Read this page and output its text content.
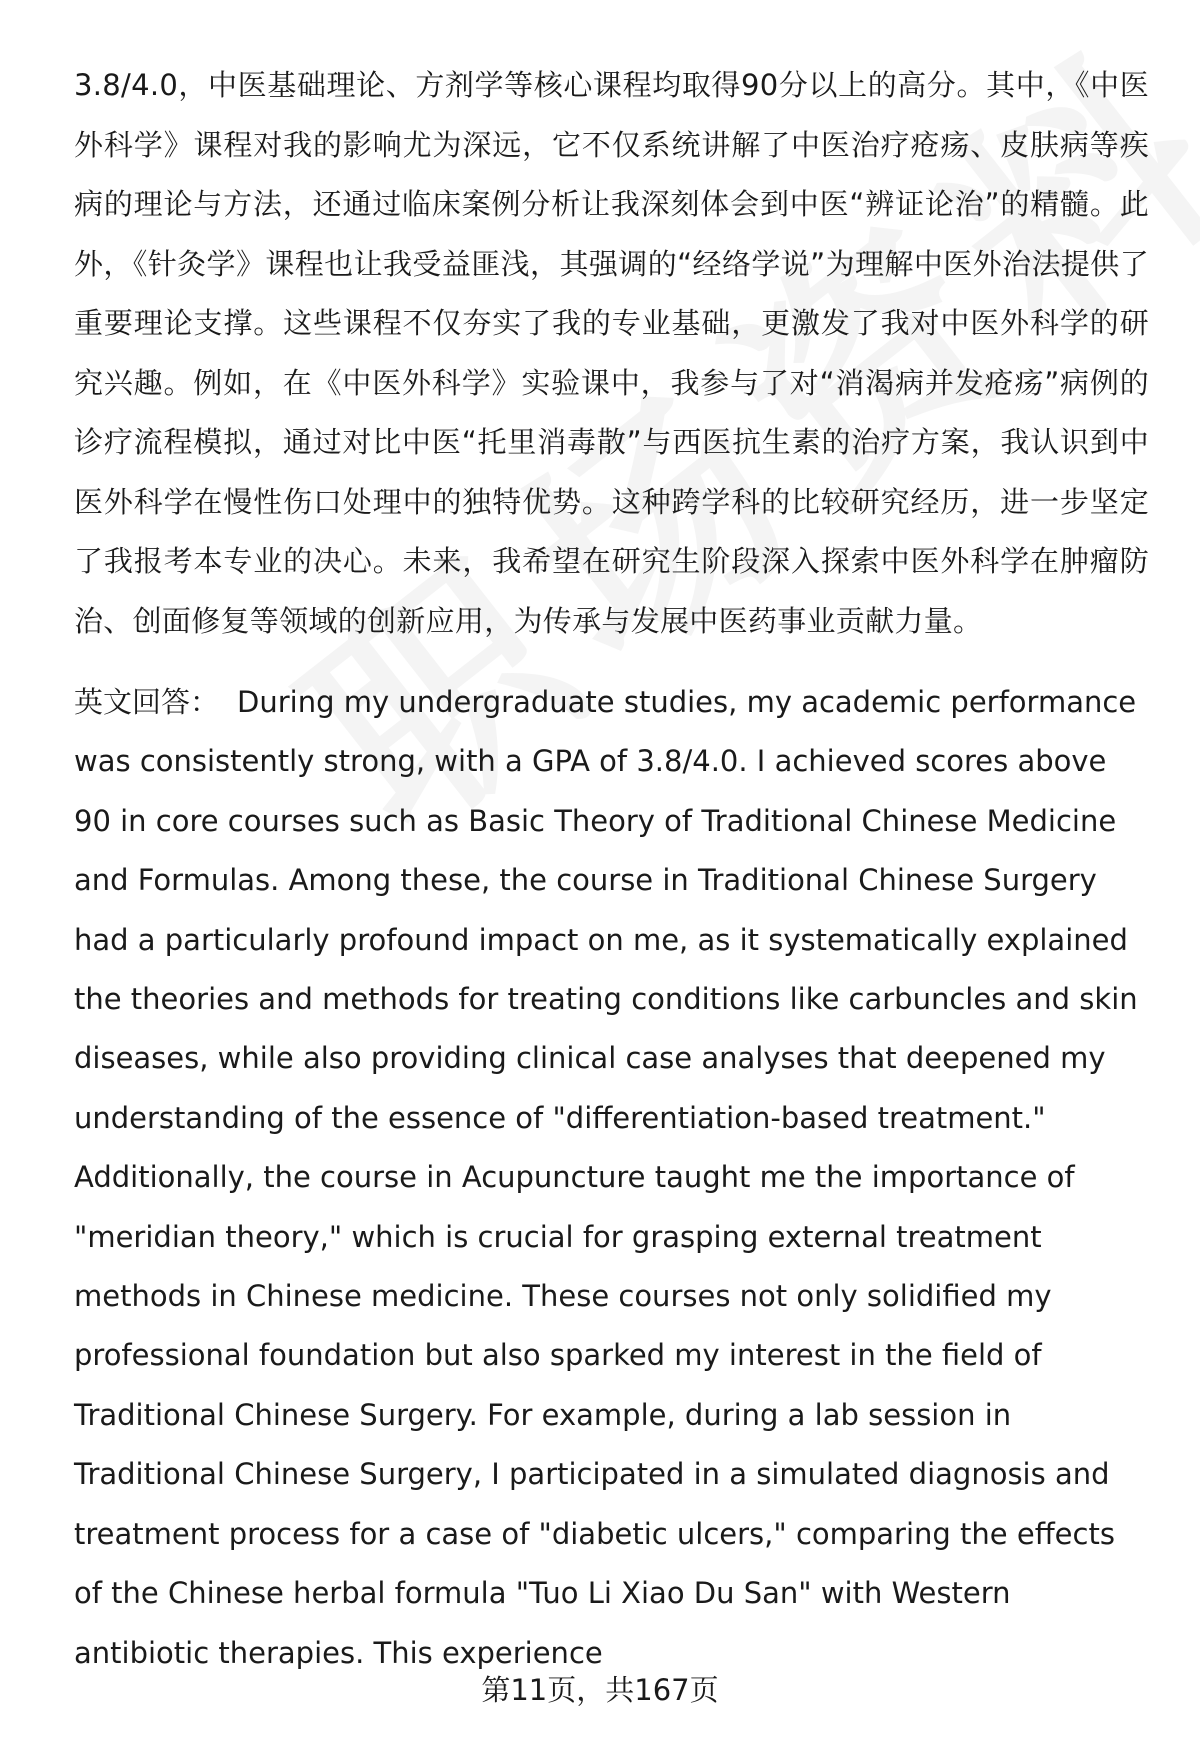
3.8/4.0，中医基础理论、方剂学等核心课程均取得90分以上的高分。其中，《中医外科学》课程对我的影响尤为深远，它不仅系统讲解了中医治疗疮疡、皮肤病等疾病的理论与方法，还通过临床案例分析让我深刻体会到中医“辨证论治”的精髓。此外，《针灸学》课程也让我受益匪浅，其强调的“经络学说”为理解中医外治法提供了重要理论支撑。这些课程不仅夯实了我的专业基础，更激发了我对中医外科学的研究兴趣。例如，在《中医外科学》实验课中，我参与了对“消渴病并发疮疡”病例的诊疗流程模拟，通过对比中医“托里消毒散”与西医抗生素的治疗方案，我认识到中医外科学在慢性伤口处理中的独特优势。这种跨学科的比较研究经历，进一步坚定了我报考本专业的决心。未来，我希望在研究生阶段深入探索中医外科学在肿瘤防治、创面修复等领域的创新应用，为传承与发展中医药事业贡献力量。

英文回答： During my undergraduate studies, my academic performance was consistently strong, with a GPA of 3.8/4.0. I achieved scores above 90 in core courses such as Basic Theory of Traditional Chinese Medicine and Formulas. Among these, the course in Traditional Chinese Surgery had a particularly profound impact on me, as it systematically explained the theories and methods for treating conditions like carbuncles and skin diseases, while also providing clinical case analyses that deepened my understanding of the essence of "differentiation-based treatment." Additionally, the course in Acupuncture taught me the importance of "meridian theory," which is crucial for grasping external treatment methods in Chinese medicine. These courses not only solidified my professional foundation but also sparked my interest in the field of Traditional Chinese Surgery. For example, during a lab session in Traditional Chinese Surgery, I participated in a simulated diagnosis and treatment process for a case of "diabetic ulcers," comparing the effects of the Chinese herbal formula "Tuo Li Xiao Du San" with Western antibiotic therapies. This experience

第11页，共167页
